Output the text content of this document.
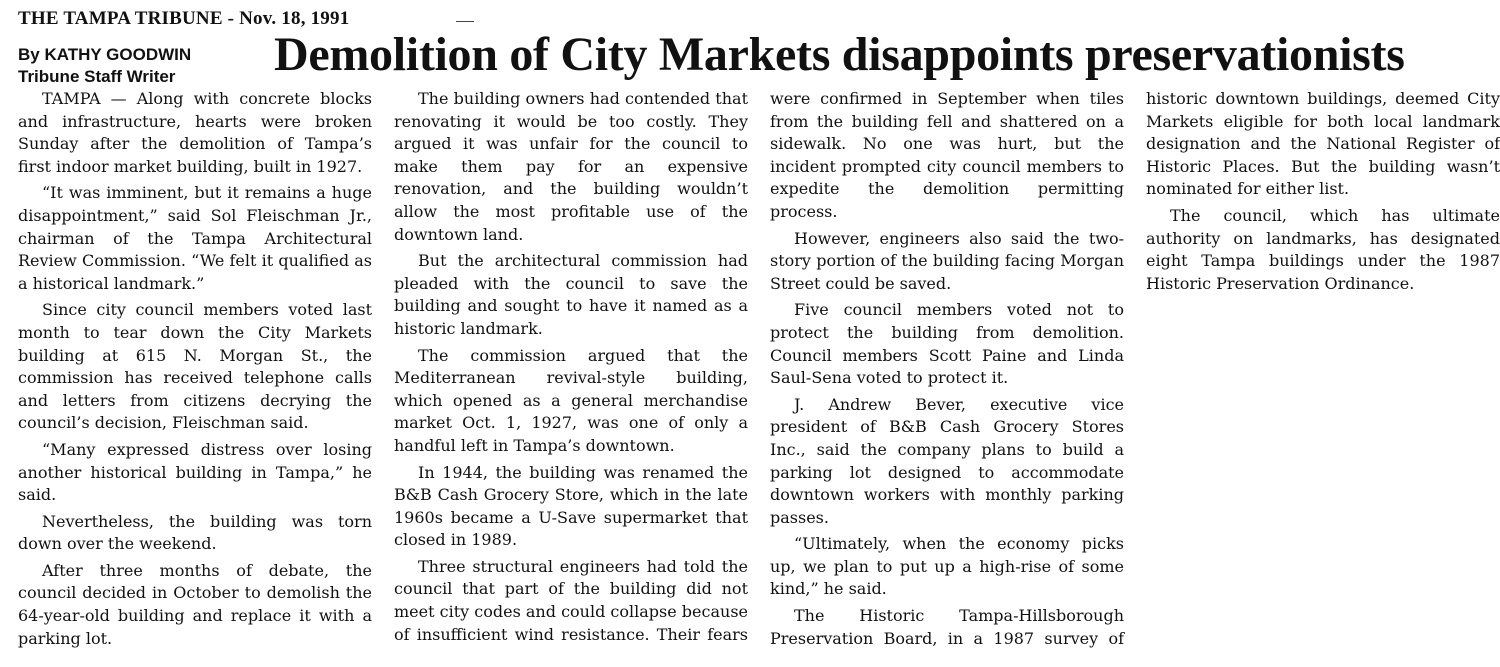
THE TAMPA TRIBUNE - Nov. 18, 1991
By KATHY GOODWIN
Tribune Staff Writer	Demolition of City Markets disappoints preservationists

TAMPA — Along with concrete blocks and infrastructure, hearts were broken Sunday after the demolition of Tampa’s first indoor market building, built in 1927.

“It was imminent, but it remains a huge disappointment,” said Sol Fleischman Jr., chairman of the Tampa Architectural Review Commission. “We felt it qualified as a historical landmark.”

Since city council members voted last month to tear down the City Markets building at 615 N. Morgan St., the commission has received telephone calls and letters from citizens decrying the council’s decision, Fleischman said.

“Many expressed distress over losing another historical building in Tampa,” he said.

Nevertheless, the building was torn down over the weekend.

After three months of debate, the council decided in October to demolish the 64-year-old building and replace it with a parking lot.

The building owners had contended that renovating it would be too costly. They argued it was unfair for the council to make them pay for an expensive renovation, and the building wouldn’t allow the most profitable use of the downtown land.

But the architectural commission had pleaded with the council to save the building and sought to have it named as a historic landmark.

The commission argued that the Mediterranean revival-style building, which opened as a general merchandise market Oct. 1, 1927, was one of only a handful left in Tampa’s downtown.

In 1944, the building was renamed the B&B Cash Grocery Store, which in the late 1960s became a U-Save supermarket that closed in 1989.

Three structural engineers had told the council that part of the building did not meet city codes and could collapse because of insufficient wind resistance. Their fears were confirmed in September when tiles from the building fell and shattered on a sidewalk. No one was hurt, but the incident prompted city council members to expedite the demolition permitting process.

However, engineers also said the two-story portion of the building facing Morgan Street could be saved.

Five council members voted not to protect the building from demolition. Council members Scott Paine and Linda Saul-Sena voted to protect it.

J. Andrew Bever, executive vice president of B&B Cash Grocery Stores Inc., said the company plans to build a parking lot designed to accommodate downtown workers with monthly parking passes.

“Ultimately, when the economy picks up, we plan to put up a high-rise of some kind,” he said.

The Historic Tampa-Hillsborough Preservation Board, in a 1987 survey of historic downtown buildings, deemed City Markets eligible for both local landmark designation and the National Register of Historic Places. But the building wasn’t nominated for either list.

The council, which has ultimate authority on landmarks, has designated eight Tampa buildings under the 1987 Historic Preservation Ordinance.
